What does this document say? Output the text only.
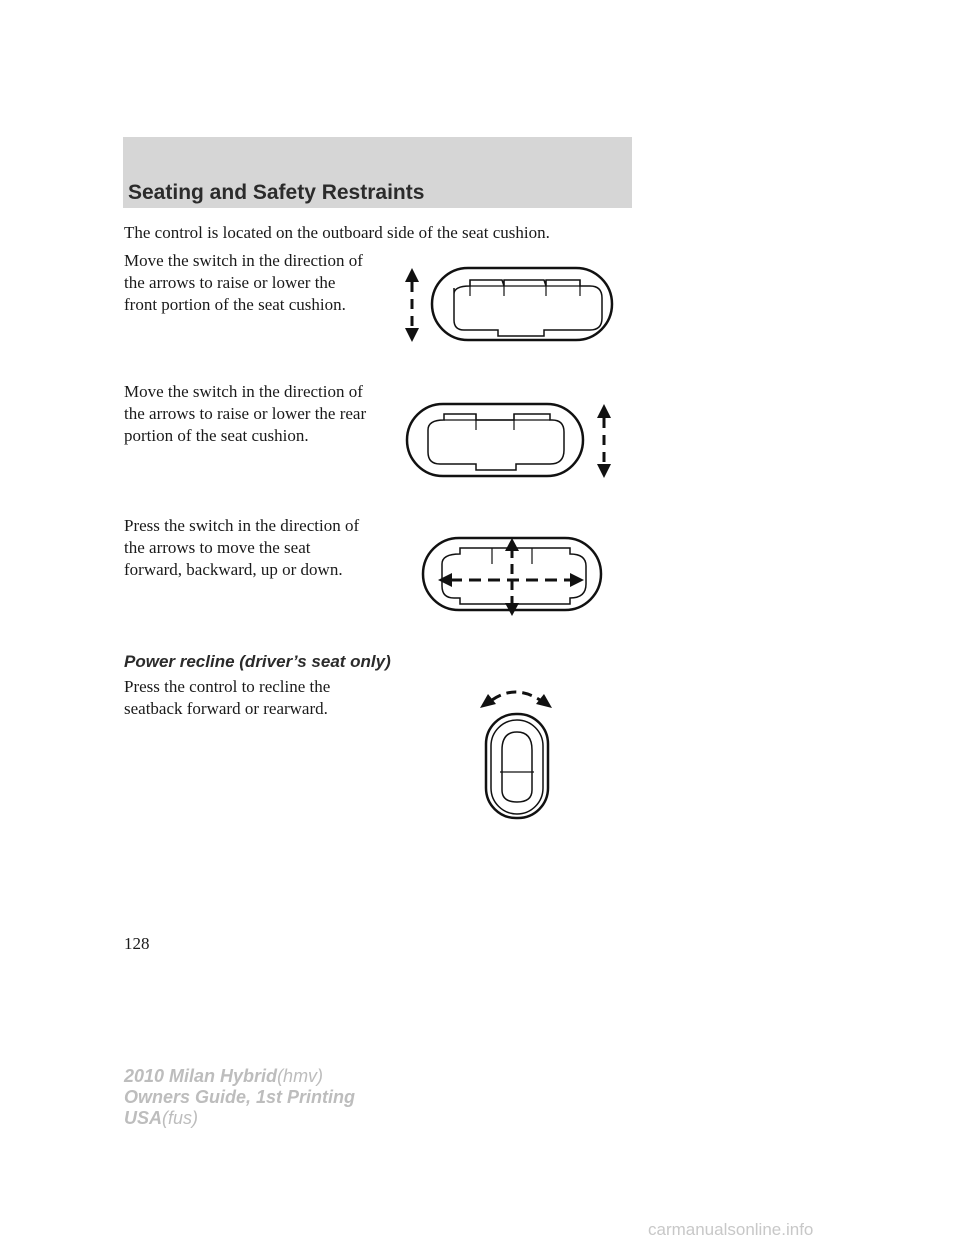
Seating and Safety Restraints
The control is located on the outboard side of the seat cushion.
Move the switch in the direction of
the arrows to raise or lower the
front portion of the seat cushion.
Move the switch in the direction of
the arrows to raise or lower the rear
portion of the seat cushion.
Press the switch in the direction of
the arrows to move the seat
forward, backward, up or down.
Power recline (driver’s seat only)
Press the control to recline the
seatback forward or rearward.
128
2010 Milan Hybrid(hmv)
Owners Guide, 1st Printing
USA(fus)
carmanualsonline.info
